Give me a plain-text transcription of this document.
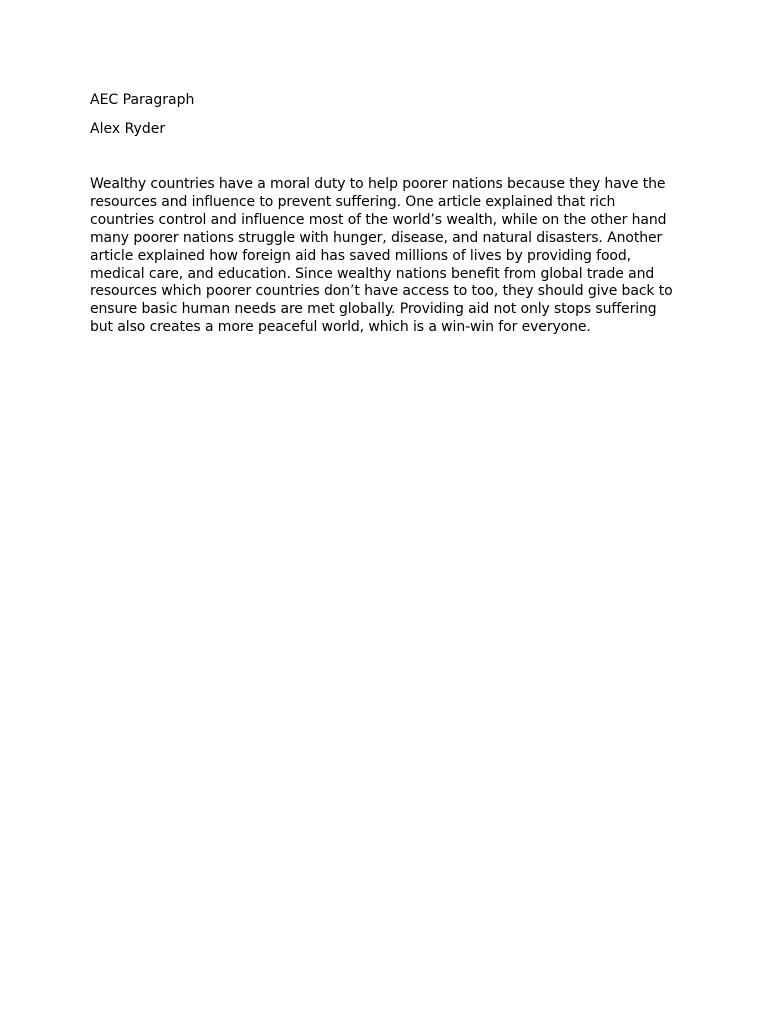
AEC Paragraph

Alex Ryder

Wealthy countries have a moral duty to help poorer nations because they have the resources and influence to prevent suffering. One article explained that rich countries control and influence most of the world’s wealth, while on the other hand many poorer nations struggle with hunger, disease, and natural disasters. Another article explained how foreign aid has saved millions of lives by providing food, medical care, and education. Since wealthy nations benefit from global trade and resources which poorer countries don’t have access to too, they should give back to ensure basic human needs are met globally. Providing aid not only stops suffering but also creates a more peaceful world, which is a win-win for everyone.
